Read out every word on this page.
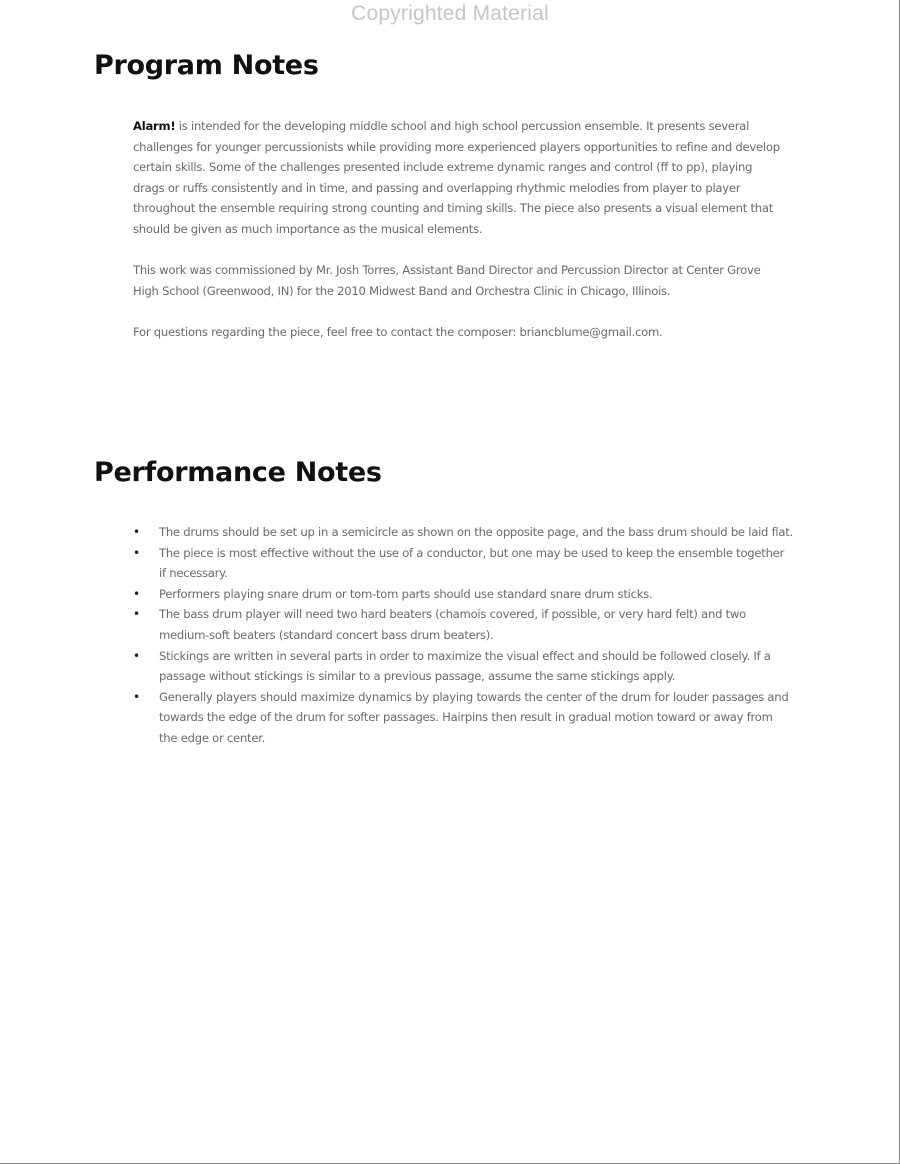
Copyrighted Material
Program Notes

Alarm! is intended for the developing middle school and high school percussion ensemble. It presents several challenges for younger percussionists while providing more experienced players opportunities to refine and develop certain skills. Some of the challenges presented include extreme dynamic ranges and control (ff to pp), playing drags or ruffs consistently and in time, and passing and overlapping rhythmic melodies from player to player throughout the ensemble requiring strong counting and timing skills. The piece also presents a visual element that should be given as much importance as the musical elements.

This work was commissioned by Mr. Josh Torres, Assistant Band Director and Percussion Director at Center Grove High School (Greenwood, IN) for the 2010 Midwest Band and Orchestra Clinic in Chicago, Illinois.

For questions regarding the piece, feel free to contact the composer: briancblume@gmail.com.

Performance Notes
• The drums should be set up in a semicircle as shown on the opposite page, and the bass drum should be laid flat.
• The piece is most effective without the use of a conductor, but one may be used to keep the ensemble together if necessary.
• Performers playing snare drum or tom-tom parts should use standard snare drum sticks.
• The bass drum player will need two hard beaters (chamois covered, if possible, or very hard felt) and two medium-soft beaters (standard concert bass drum beaters).
• Stickings are written in several parts in order to maximize the visual effect and should be followed closely. If a passage without stickings is similar to a previous passage, assume the same stickings apply.
• Generally players should maximize dynamics by playing towards the center of the drum for louder passages and towards the edge of the drum for softer passages. Hairpins then result in gradual motion toward or away from the edge or center.
